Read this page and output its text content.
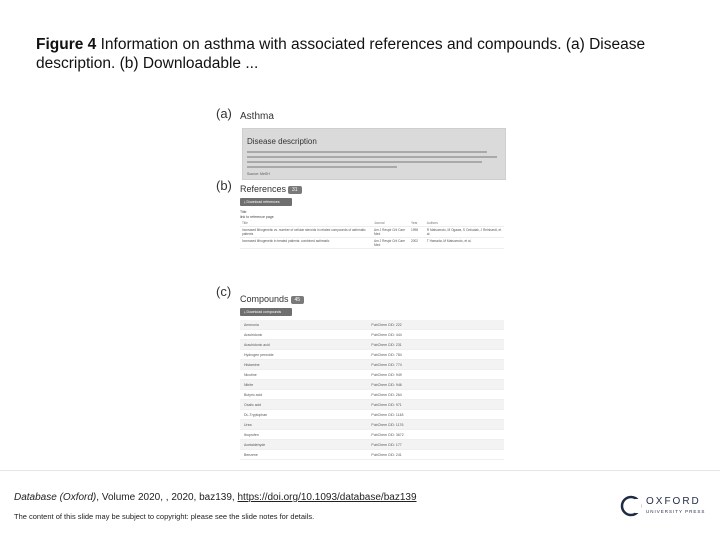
Figure 4 Information on asthma with associated references and compounds. (a) Disease description. (b) Downloadable ...
(a)
(b)
(c)
Asthma
Disease description
Source: MeSH
References 31
⤓ Download references
Title
link to reference page
Title	Journal	Year	Authors
Increased lithogenetic vs. number of cellular steroids in related compounds of asthmatic patients	Am J Respir Crit Care Med	1998	R Matsumoto, M Ogawa, S Ozbudak, J Reinhardt, et al.
Increased lithogenetic in treated patients: combined asthmatic	Am J Respir Crit Care Med	2002	T Hamada, M Matsumoto, et al.
Compounds 45
⤓ Download compounds
Ammonia	PubChem CID: 222
Arachidonic	PubChem CID: 444
Arachidonic acid	PubChem CID: 231
Hydrogen peroxide	PubChem CID: 784
Histamine	PubChem CID: 774
Nicotine	PubChem CID: 949
Nitrite	PubChem CID: 946
Butyric acid	PubChem CID: 264
Oxalic acid	PubChem CID: 971
DL-Tryptophan	PubChem CID: 1148
Urea	PubChem CID: 1176
Ibuprofen	PubChem CID: 3672
Acetaldehyde	PubChem CID: 177
Benzene	PubChem CID: 241
Database (Oxford), Volume 2020, , 2020, baz139, https://doi.org/10.1093/database/baz139
The content of this slide may be subject to copyright: please see the slide notes for details.
OXFORD
UNIVERSITY PRESS
